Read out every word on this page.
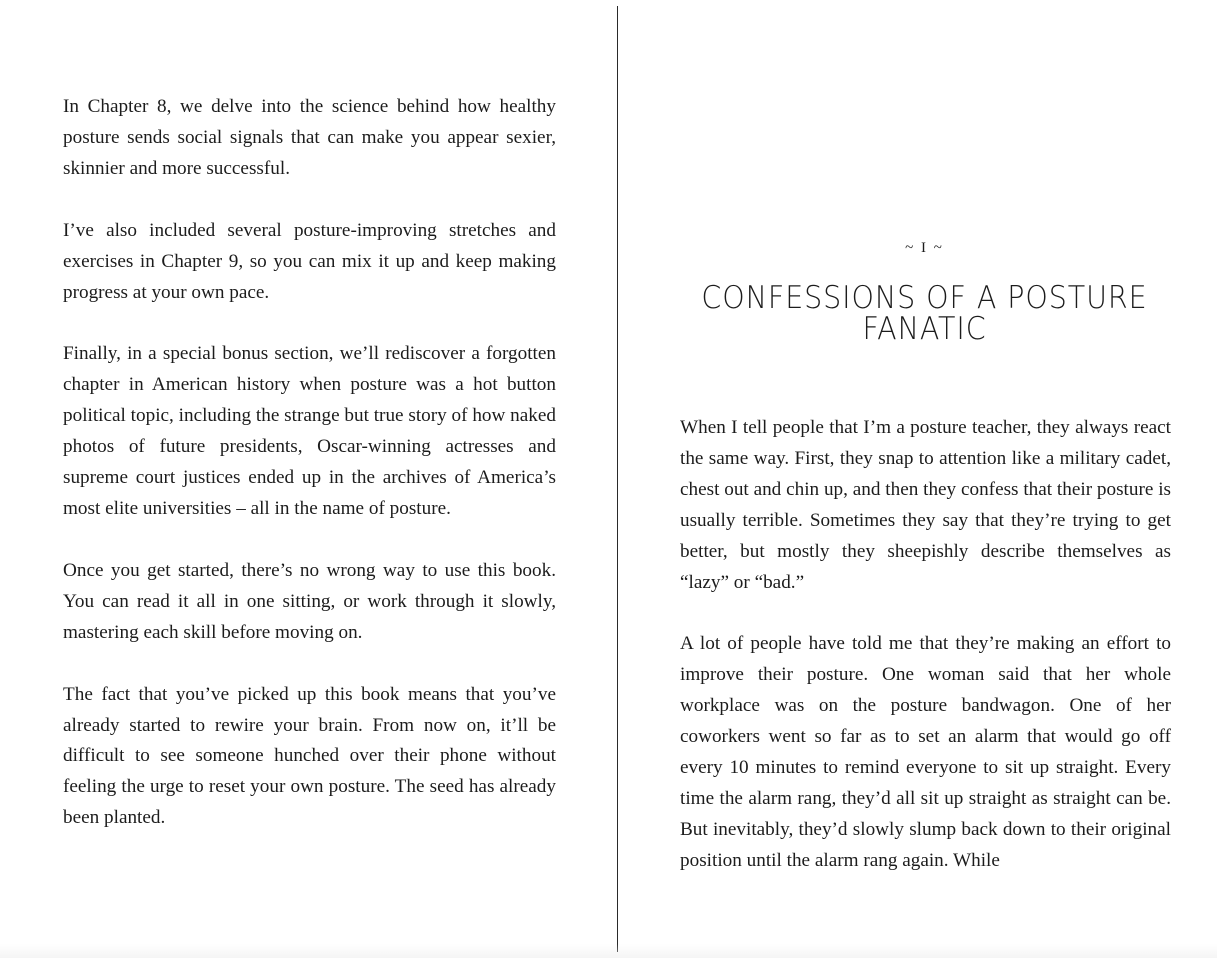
In Chapter 8, we delve into the science behind how healthy posture sends social signals that can make you appear sexier, skinnier and more successful.

I’ve also included several posture-improving stretches and exercises in Chapter 9, so you can mix it up and keep making progress at your own pace.

Finally, in a special bonus section, we’ll rediscover a forgotten chapter in American history when posture was a hot button political topic, including the strange but true story of how naked photos of future presidents, Oscar-winning actresses and supreme court justices ended up in the archives of America’s most elite universities – all in the name of posture.

Once you get started, there’s no wrong way to use this book. You can read it all in one sitting, or work through it slowly, mastering each skill before moving on.

The fact that you’ve picked up this book means that you’ve already started to rewire your brain. From now on, it’ll be difficult to see someone hunched over their phone without feeling the urge to reset your own posture. The seed has already been planted.

~ I ~

CONFESSIONS OF A POSTURE FANATIC

When I tell people that I’m a posture teacher, they always react the same way. First, they snap to attention like a military cadet, chest out and chin up, and then they confess that their posture is usually terrible. Sometimes they say that they’re trying to get better, but mostly they sheepishly describe themselves as “lazy” or “bad.”

A lot of people have told me that they’re making an effort to improve their posture. One woman said that her whole workplace was on the posture bandwagon. One of her coworkers went so far as to set an alarm that would go off every 10 minutes to remind everyone to sit up straight. Every time the alarm rang, they’d all sit up straight as straight can be. But inevitably, they’d slowly slump back down to their original position until the alarm rang again. While
